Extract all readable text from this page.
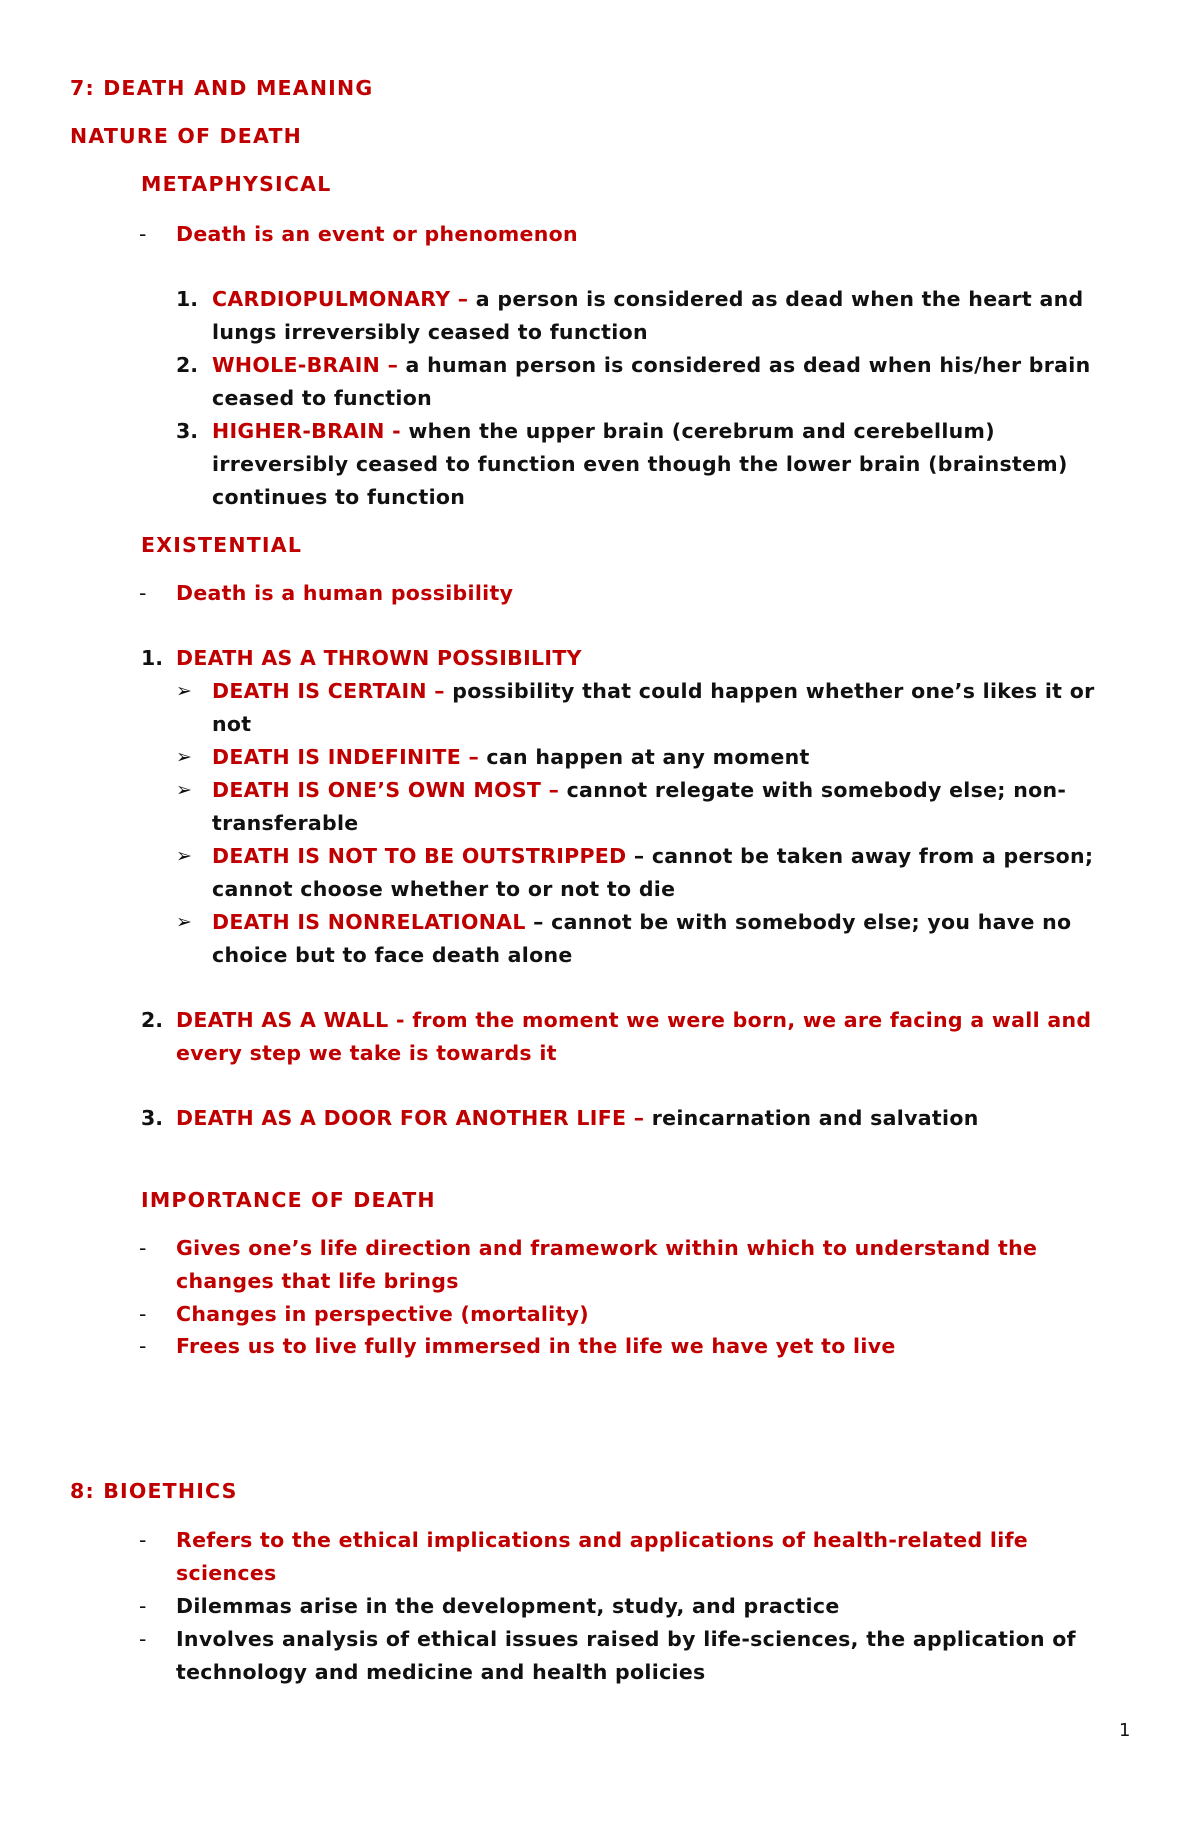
7: DEATH AND MEANING
NATURE OF DEATH
METAPHYSICAL
- Death is an event or phenomenon
1. CARDIOPULMONARY – a person is considered as dead when the heart and
lungs irreversibly ceased to function
2. WHOLE-BRAIN – a human person is considered as dead when his/her brain
ceased to function
3. HIGHER-BRAIN - when the upper brain (cerebrum and cerebellum)
irreversibly ceased to function even though the lower brain (brainstem)
continues to function
EXISTENTIAL
- Death is a human possibility
1. DEATH AS A THROWN POSSIBILITY
➢ DEATH IS CERTAIN – possibility that could happen whether one’s likes it or
not
➢ DEATH IS INDEFINITE – can happen at any moment
➢ DEATH IS ONE’S OWN MOST – cannot relegate with somebody else; non-
transferable
➢ DEATH IS NOT TO BE OUTSTRIPPED – cannot be taken away from a person;
cannot choose whether to or not to die
➢ DEATH IS NONRELATIONAL – cannot be with somebody else; you have no
choice but to face death alone
2. DEATH AS A WALL - from the moment we were born, we are facing a wall and
every step we take is towards it
3. DEATH AS A DOOR FOR ANOTHER LIFE – reincarnation and salvation
IMPORTANCE OF DEATH
- Gives one’s life direction and framework within which to understand the
changes that life brings
- Changes in perspective (mortality)
- Frees us to live fully immersed in the life we have yet to live
8: BIOETHICS
- Refers to the ethical implications and applications of health-related life
sciences
- Dilemmas arise in the development, study, and practice
- Involves analysis of ethical issues raised by life-sciences, the application of
technology and medicine and health policies
1
